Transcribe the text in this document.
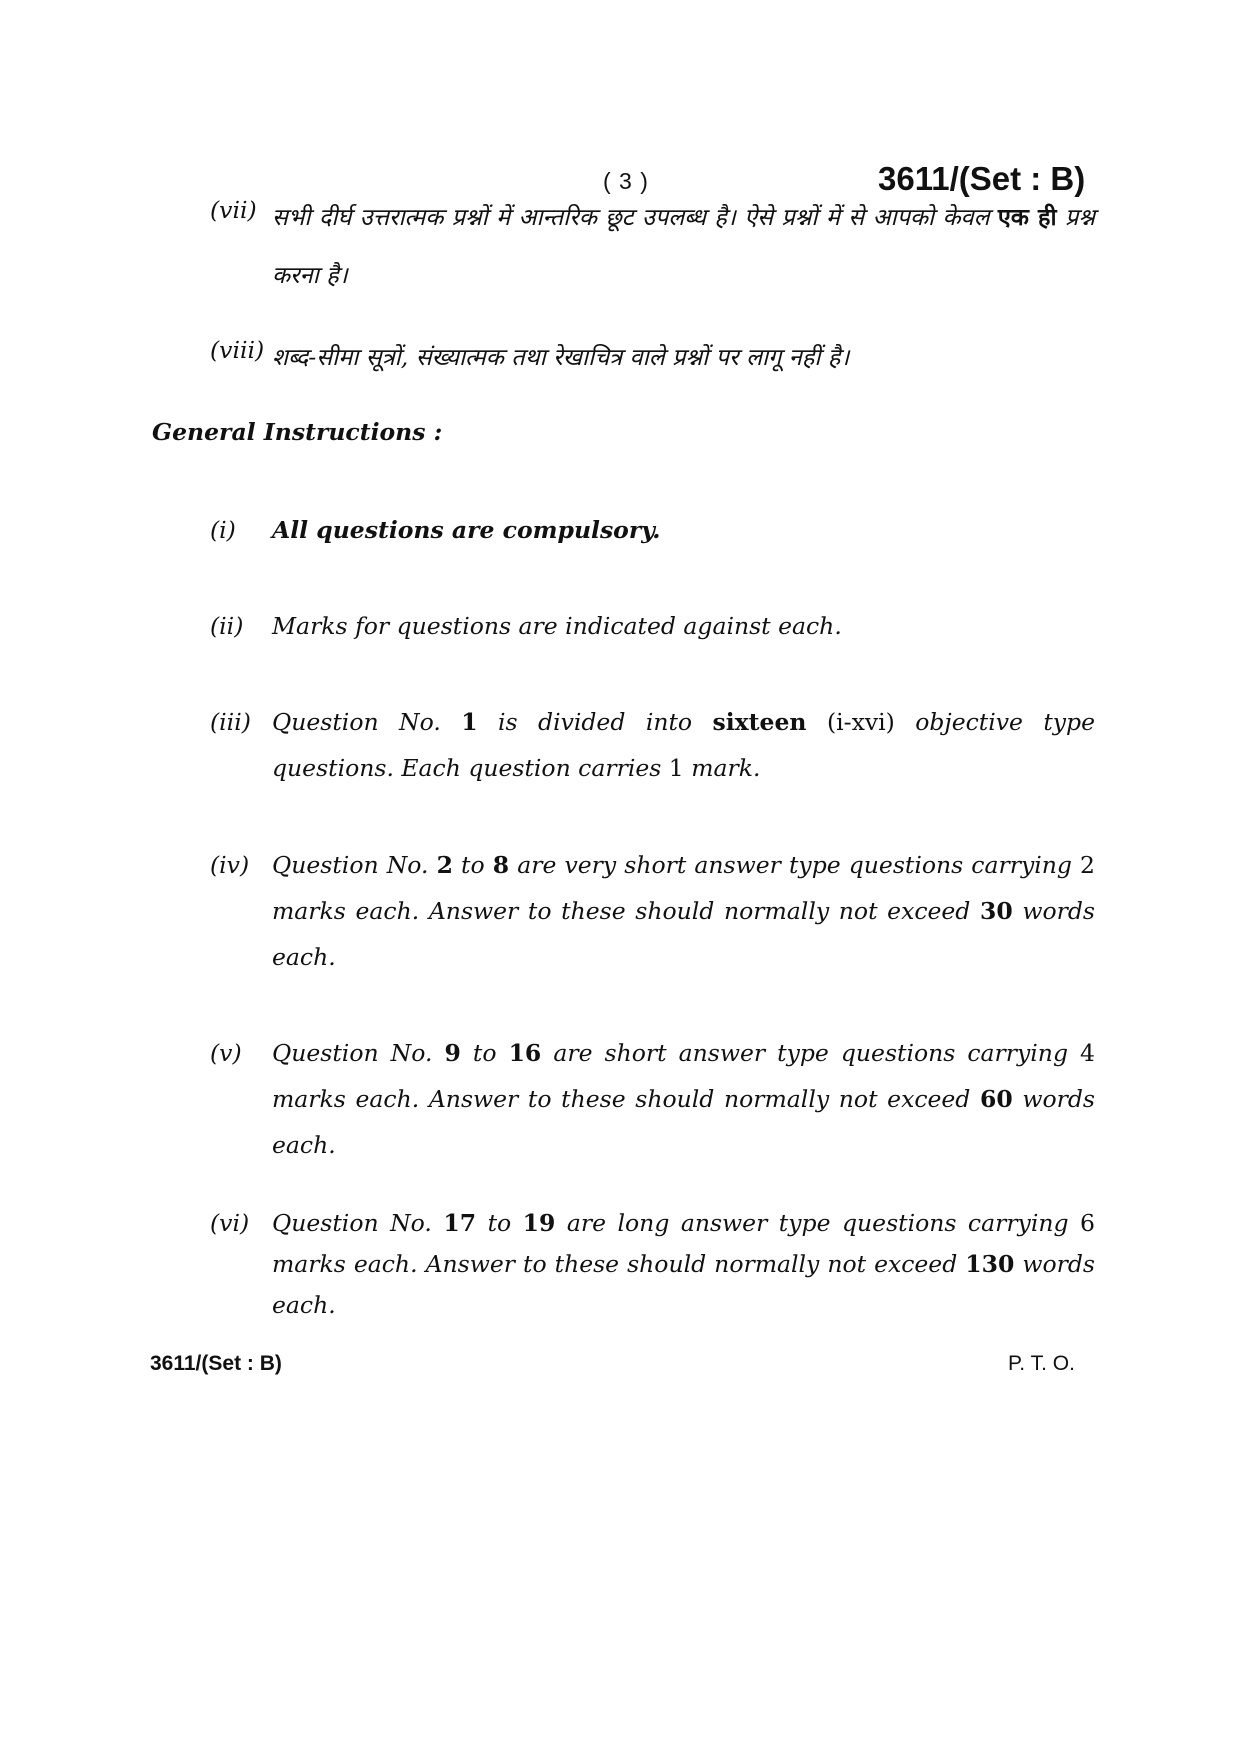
( 3 )	3611/(Set : B)
(vii) सभी दीर्घ उत्तरात्मक प्रश्नों में आन्तरिक छूट उपलब्ध है। ऐसे प्रश्नों में से आपको केवल एक ही प्रश्न करना है।
(viii) शब्द-सीमा सूत्रों, संख्यात्मक तथा रेखाचित्र वाले प्रश्नों पर लागू नहीं है।
General Instructions :
(i) All questions are compulsory.
(ii) Marks for questions are indicated against each.
(iii) Question No. 1 is divided into sixteen (i-xvi) objective type questions. Each question carries 1 mark.
(iv) Question No. 2 to 8 are very short answer type questions carrying 2 marks each. Answer to these should normally not exceed 30 words each.
(v) Question No. 9 to 16 are short answer type questions carrying 4 marks each. Answer to these should normally not exceed 60 words each.
(vi) Question No. 17 to 19 are long answer type questions carrying 6 marks each. Answer to these should normally not exceed 130 words each.
3611/(Set : B)	P. T. O.
